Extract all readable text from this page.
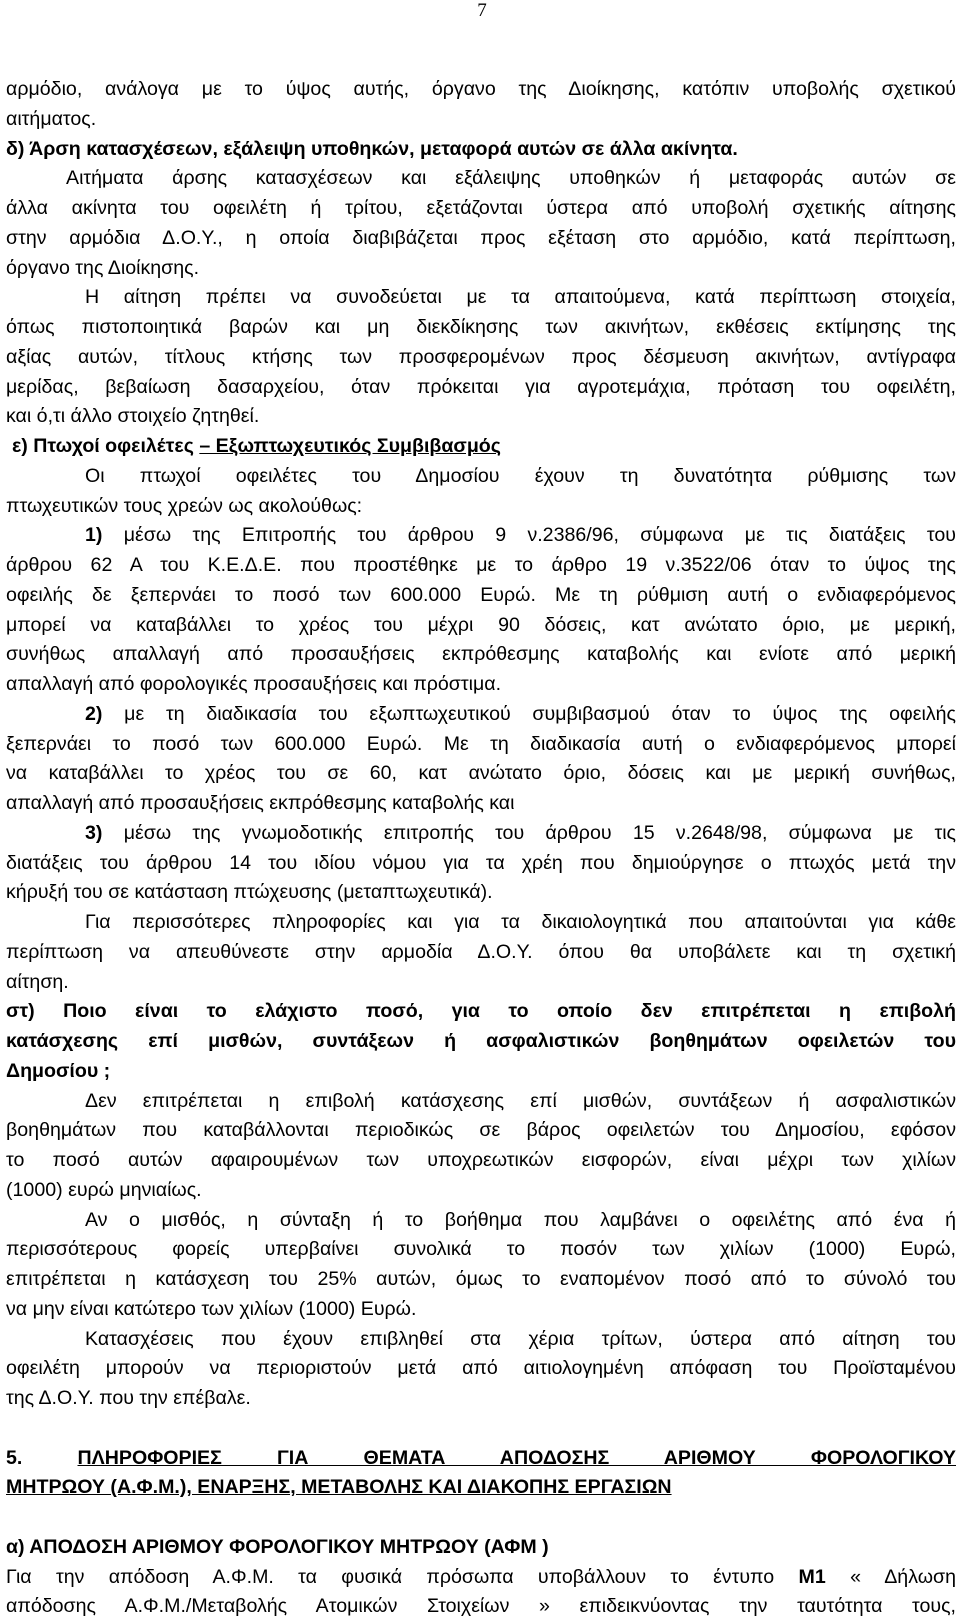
7
αρμόδιο, ανάλογα με το ύψος αυτής, όργανο της Διοίκησης, κατόπιν υποβολής σχετικού
αιτήματος.
δ) Άρση κατασχέσεων, εξάλειψη υποθηκών, μεταφορά αυτών σε άλλα ακίνητα.
Αιτήματα άρσης κατασχέσεων και εξάλειψης υποθηκών ή μεταφοράς αυτών σε
άλλα ακίνητα του οφειλέτη ή τρίτου, εξετάζονται ύστερα από υποβολή σχετικής αίτησης
στην αρμόδια Δ.Ο.Υ., η οποία διαβιβάζεται προς εξέταση στο αρμόδιο, κατά περίπτωση,
όργανο της Διοίκησης.
Η αίτηση πρέπει να συνοδεύεται με τα απαιτούμενα, κατά περίπτωση στοιχεία,
όπως πιστοποιητικά βαρών και μη διεκδίκησης των ακινήτων, εκθέσεις εκτίμησης της
αξίας αυτών, τίτλους κτήσης των προσφερομένων προς δέσμευση ακινήτων, αντίγραφα
μερίδας, βεβαίωση δασαρχείου, όταν πρόκειται για αγροτεμάχια, πρόταση του οφειλέτη,
και ό,τι άλλο στοιχείο ζητηθεί.
ε) Πτωχοί οφειλέτες – Εξωπτωχευτικός Συμβιβασμός
Οι πτωχοί οφειλέτες του Δημοσίου έχουν τη δυνατότητα ρύθμισης των
πτωχευτικών τους χρεών ως ακολούθως:
1) μέσω της Επιτροπής του άρθρου 9 ν.2386/96, σύμφωνα με τις διατάξεις του
άρθρου 62 Α του Κ.Ε.Δ.Ε. που προστέθηκε με το άρθρο 19 ν.3522/06 όταν το ύψος της
οφειλής δε ξεπερνάει το ποσό των 600.000 Ευρώ. Με τη ρύθμιση αυτή ο ενδιαφερόμενος
μπορεί να καταβάλλει το χρέος του μέχρι 90 δόσεις, κατ ανώτατο όριο, με μερική,
συνήθως απαλλαγή από προσαυξήσεις εκπρόθεσμης καταβολής και ενίοτε από μερική
απαλλαγή από φορολογικές προσαυξήσεις και πρόστιμα.
2) με τη διαδικασία του εξωπτωχευτικού συμβιβασμού όταν το ύψος της οφειλής
ξεπερνάει το ποσό των 600.000 Ευρώ. Με τη διαδικασία αυτή ο ενδιαφερόμενος μπορεί
να καταβάλλει το χρέος του σε 60, κατ ανώτατο όριο, δόσεις και με μερική συνήθως,
απαλλαγή από προσαυξήσεις εκπρόθεσμης καταβολής και
3) μέσω της γνωμοδοτικής επιτροπής του άρθρου 15 ν.2648/98, σύμφωνα με τις
διατάξεις του άρθρου 14 του ιδίου νόμου για τα χρέη που δημιούργησε ο πτωχός μετά την
κήρυξή του σε κατάσταση πτώχευσης (μεταπτωχευτικά).
Για περισσότερες πληροφορίες και για τα δικαιολογητικά που απαιτούνται για κάθε
περίπτωση να απευθύνεστε στην αρμοδία Δ.Ο.Υ. όπου θα υποβάλετε και τη σχετική
αίτηση.
στ) Ποιο είναι το ελάχιστο ποσό, για το οποίο δεν επιτρέπεται η επιβολή
κατάσχεσης επί μισθών, συντάξεων ή ασφαλιστικών βοηθημάτων οφειλετών του
Δημοσίου ;
Δεν επιτρέπεται η επιβολή κατάσχεσης επί μισθών, συντάξεων ή ασφαλιστικών
βοηθημάτων που καταβάλλονται περιοδικώς σε βάρος οφειλετών του Δημοσίου, εφόσον
το ποσό αυτών αφαιρουμένων των υποχρεωτικών εισφορών, είναι μέχρι των χιλίων
(1000) ευρώ μηνιαίως.
Αν ο μισθός, η σύνταξη ή το βοήθημα που λαμβάνει ο οφειλέτης από ένα ή
περισσότερους φορείς υπερβαίνει συνολικά το ποσόν των χιλίων (1000) Ευρώ,
επιτρέπεται η κατάσχεση του 25% αυτών, όμως το εναπομένον ποσό από το σύνολό του
να μην είναι κατώτερο των χιλίων (1000) Ευρώ.
Κατασχέσεις που έχουν επιβληθεί στα χέρια τρίτων, ύστερα από αίτηση του
οφειλέτη μπορούν να περιοριστούν μετά από αιτιολογημένη απόφαση του Προϊσταμένου
της Δ.Ο.Υ. που την επέβαλε.
5. ΠΛΗΡΟΦΟΡΙΕΣ ΓΙΑ ΘΕΜΑΤΑ ΑΠΟΔΟΣΗΣ ΑΡΙΘΜΟΥ ΦΟΡΟΛΟΓΙΚΟΥ
ΜΗΤΡΩΟΥ (Α.Φ.Μ.), ΕΝΑΡΞΗΣ, ΜΕΤΑΒΟΛΗΣ ΚΑΙ ΔΙΑΚΟΠΗΣ ΕΡΓΑΣΙΩΝ
α) ΑΠΟΔΟΣΗ ΑΡΙΘΜΟΥ ΦΟΡΟΛΟΓΙΚΟΥ ΜΗΤΡΩΟΥ (ΑΦΜ )
Για την απόδοση Α.Φ.Μ. τα φυσικά πρόσωπα υποβάλλουν το έντυπο Μ1 « Δήλωση
απόδοσης Α.Φ.Μ./Μεταβολής Ατομικών Στοιχείων » επιδεικνύοντας την ταυτότητα τους,
